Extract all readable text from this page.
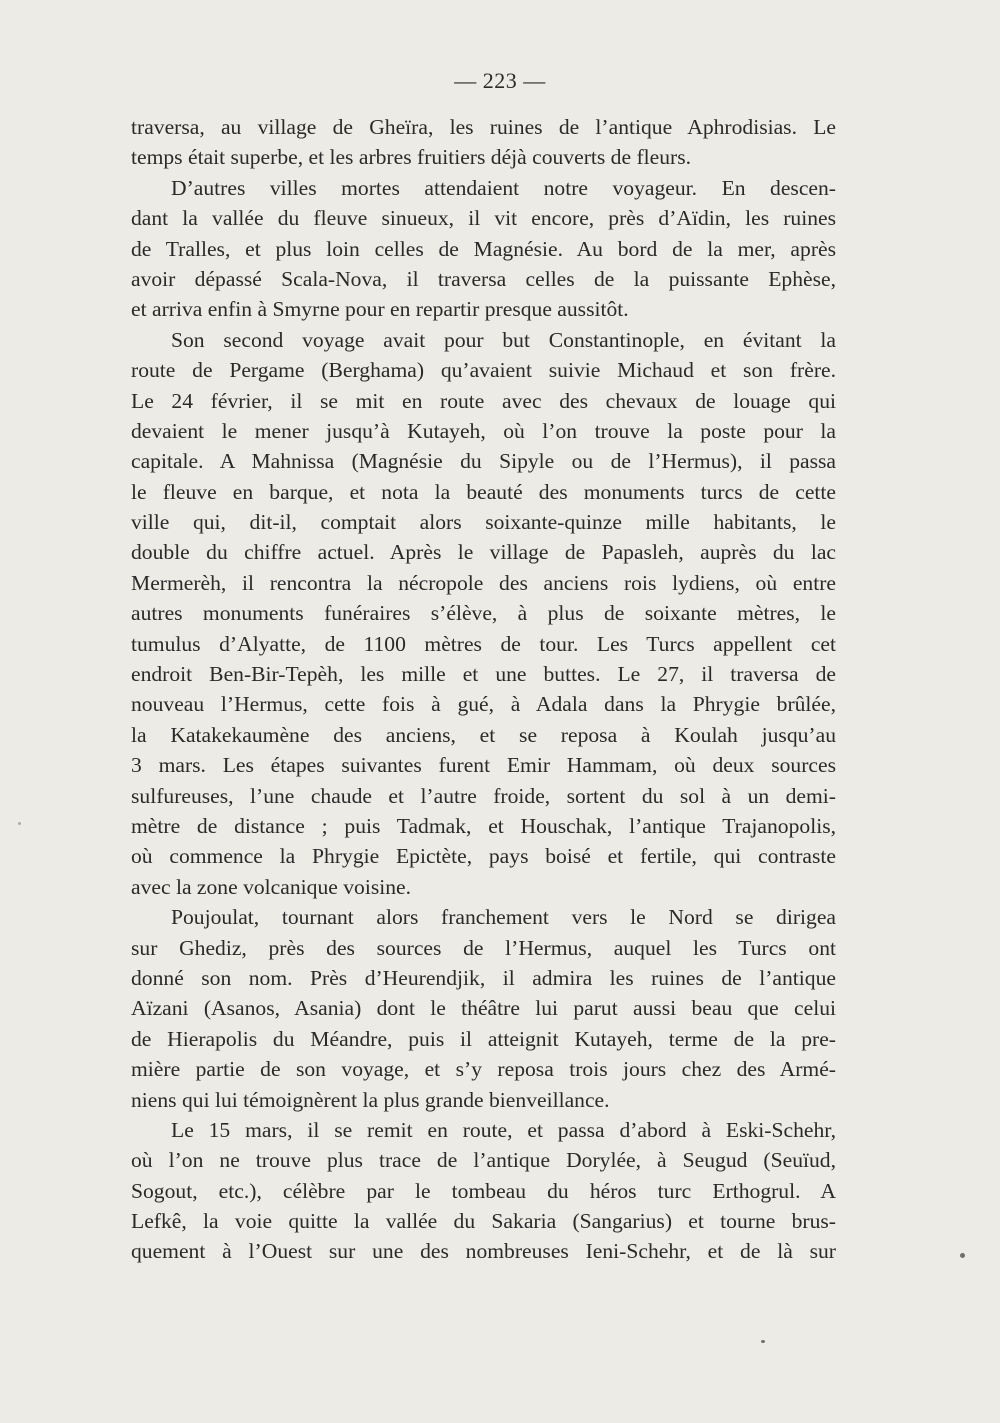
— 223 —
traversa, au village de Gheïra, les ruines de l’antique Aphrodisias. Le
temps était superbe, et les arbres fruitiers déjà couverts de fleurs.
D’autres villes mortes attendaient notre voyageur. En descen-
dant la vallée du fleuve sinueux, il vit encore, près d’Aïdin, les ruines
de Tralles, et plus loin celles de Magnésie. Au bord de la mer, après
avoir dépassé Scala-Nova, il traversa celles de la puissante Ephèse,
et arriva enfin à Smyrne pour en repartir presque aussitôt.
Son second voyage avait pour but Constantinople, en évitant la
route de Pergame (Berghama) qu’avaient suivie Michaud et son frère.
Le 24 février, il se mit en route avec des chevaux de louage qui
devaient le mener jusqu’à Kutayeh, où l’on trouve la poste pour la
capitale. A Mahnissa (Magnésie du Sipyle ou de l’Hermus), il passa
le fleuve en barque, et nota la beauté des monuments turcs de cette
ville qui, dit-il, comptait alors soixante-quinze mille habitants, le
double du chiffre actuel. Après le village de Papasleh, auprès du lac
Mermerèh, il rencontra la nécropole des anciens rois lydiens, où entre
autres monuments funéraires s’élève, à plus de soixante mètres, le
tumulus d’Alyatte, de 1100 mètres de tour. Les Turcs appellent cet
endroit Ben-Bir-Tepèh, les mille et une buttes. Le 27, il traversa de
nouveau l’Hermus, cette fois à gué, à Adala dans la Phrygie brûlée,
la Katakekaumène des anciens, et se reposa à Koulah jusqu’au
3 mars. Les étapes suivantes furent Emir Hammam, où deux sources
sulfureuses, l’une chaude et l’autre froide, sortent du sol à un demi-
mètre de distance ; puis Tadmak, et Houschak, l’antique Trajanopolis,
où commence la Phrygie Epictète, pays boisé et fertile, qui contraste
avec la zone volcanique voisine.
Poujoulat, tournant alors franchement vers le Nord se dirigea
sur Ghediz, près des sources de l’Hermus, auquel les Turcs ont
donné son nom. Près d’Heurendjik, il admira les ruines de l’antique
Aïzani (Asanos, Asania) dont le théâtre lui parut aussi beau que celui
de Hierapolis du Méandre, puis il atteignit Kutayeh, terme de la pre-
mière partie de son voyage, et s’y reposa trois jours chez des Armé-
niens qui lui témoignèrent la plus grande bienveillance.
Le 15 mars, il se remit en route, et passa d’abord à Eski-Schehr,
où l’on ne trouve plus trace de l’antique Dorylée, à Seugud (Seuïud,
Sogout, etc.), célèbre par le tombeau du héros turc Erthogrul. A
Lefkê, la voie quitte la vallée du Sakaria (Sangarius) et tourne brus-
quement à l’Ouest sur une des nombreuses Ieni-Schehr, et de là sur
